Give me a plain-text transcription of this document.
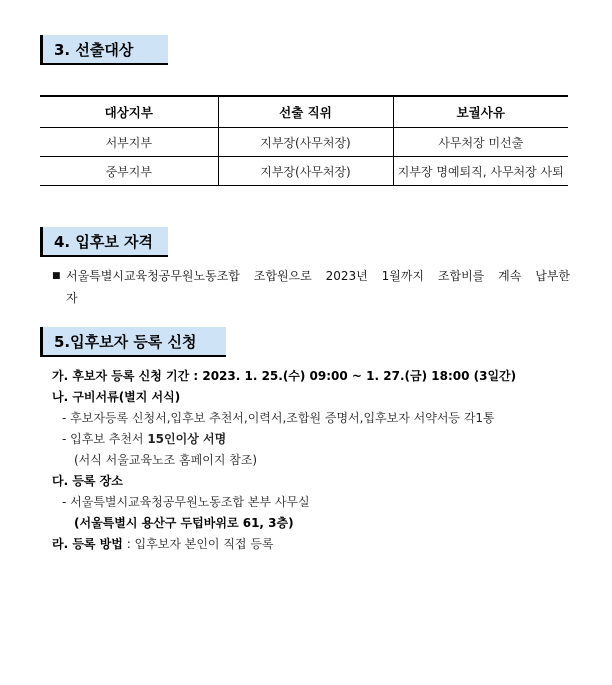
3. 선출대상
대상지부	선출 직위	보궐사유
서부지부	지부장(사무처장)	사무처장 미선출
중부지부	지부장(사무처장)	지부장 명예퇴직, 사무처장 사퇴
4. 입후보 자격
■ 서울특별시교육청공무원노동조합 조합원으로 2023년 1월까지 조합비를 계속 납부한
자
5.입후보자 등록 신청
가. 후보자 등록 신청 기간 : 2023. 1. 25.(수) 09:00 ~ 1. 27.(금) 18:00 (3일간)
나. 구비서류(별지 서식)
- 후보자등록 신청서,입후보 추천서,이력서,조합원 증명서,입후보자 서약서등 각1통
- 입후보 추천서 15인이상 서명
(서식 서울교육노조 홈페이지 참조)
다. 등록 장소
- 서울특별시교육청공무원노동조합 본부 사무실
(서울특별시 용산구 두텁바위로 61, 3층)
라. 등록 방법 : 입후보자 본인이 직접 등록
